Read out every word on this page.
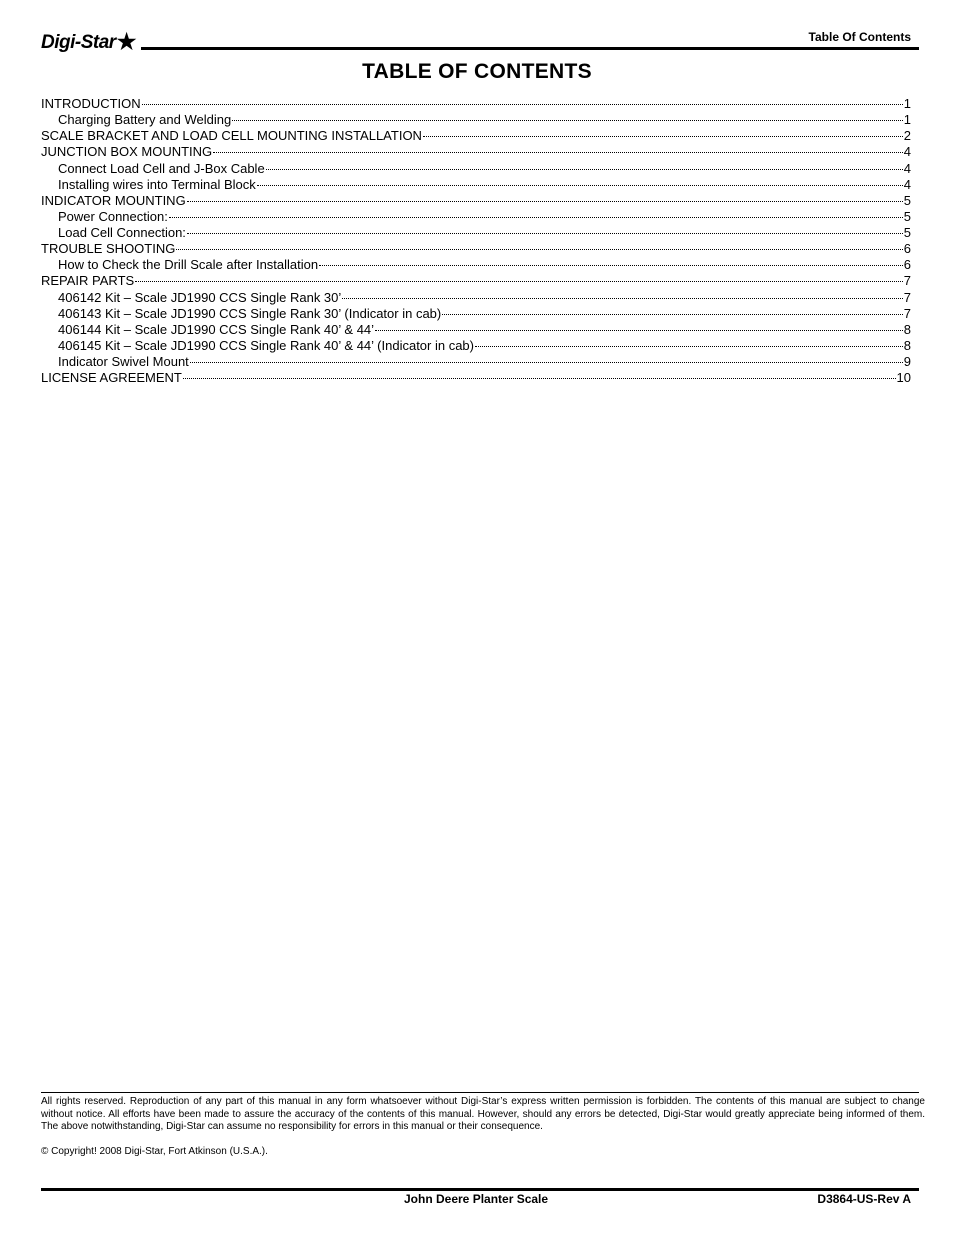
Digi-Star★	Table Of Contents
TABLE OF CONTENTS
INTRODUCTION	1
Charging Battery and Welding	1
SCALE BRACKET AND LOAD CELL MOUNTING INSTALLATION	2
JUNCTION BOX MOUNTING	4
Connect Load Cell and J-Box Cable	4
Installing wires into Terminal Block	4
INDICATOR MOUNTING	5
Power Connection:	5
Load Cell Connection:	5
TROUBLE SHOOTING	6
How to Check the Drill Scale after Installation	6
REPAIR PARTS	7
406142 Kit – Scale JD1990 CCS Single Rank 30’	7
406143 Kit – Scale JD1990 CCS Single Rank 30’ (Indicator in cab)	7
406144 Kit – Scale JD1990 CCS Single Rank 40’ & 44’	8
406145 Kit – Scale JD1990 CCS Single Rank 40’ & 44’ (Indicator in cab)	8
Indicator Swivel Mount	9
LICENSE AGREEMENT	10
All rights reserved. Reproduction of any part of this manual in any form whatsoever without Digi-Star’s express written permission is forbidden. The contents of this manual are subject to change without notice. All efforts have been made to assure the accuracy of the contents of this manual. However, should any errors be detected, Digi-Star would greatly appreciate being informed of them. The above notwithstanding, Digi-Star can assume no responsibility for errors in this manual or their consequence.
© Copyright! 2008 Digi-Star, Fort Atkinson (U.S.A.).
John Deere Planter Scale	D3864-US-Rev A
